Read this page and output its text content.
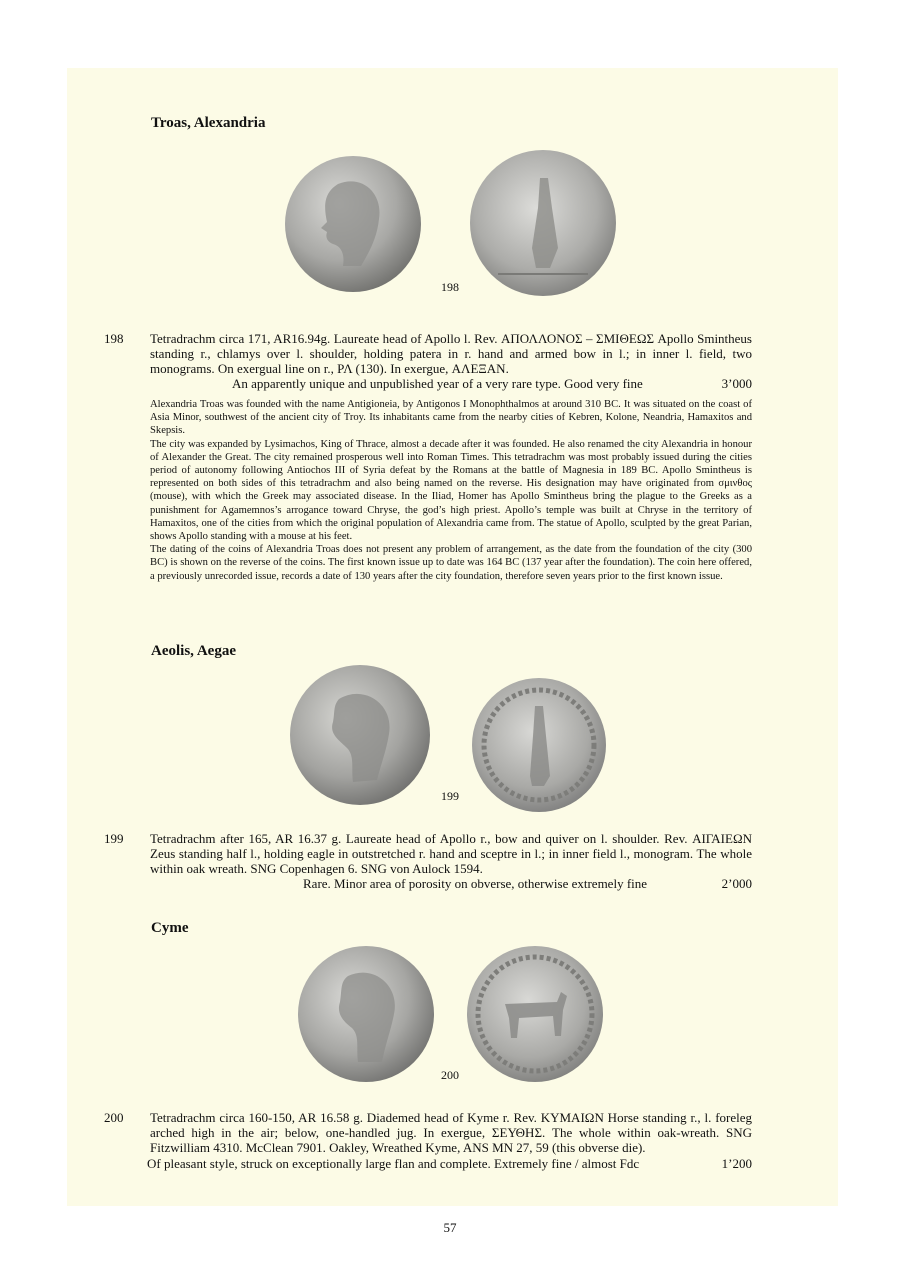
Troas, Alexandria
198
198 Tetradrachm circa 171, AR16.94g. Laureate head of Apollo l. Rev. ΑΠΟΛΛΟΝΟΣ – ΣΜΙΘΕΩΣ Apollo Smintheus standing r., chlamys over l. shoulder, holding patera in r. hand and armed bow in l.; in inner l. field, two monograms. On exergual line on r., ΡΛ (130). In exergue, ΑΛΕΞΑΝ.
An apparently unique and unpublished year of a very rare type. Good very fine	3’000

Alexandria Troas was founded with the name Antigioneia, by Antigonos I Monophthalmos at around 310 BC. It was situated on the coast of Asia Minor, southwest of the ancient city of Troy. Its inhabitants came from the nearby cities of Kebren, Kolone, Neandria, Hamaxitos and Skepsis.

The city was expanded by Lysimachos, King of Thrace, almost a decade after it was founded. He also renamed the city Alexandria in honour of Alexander the Great. The city remained prosperous well into Roman Times. This tetradrachm was most probably issued during the cities period of autonomy following Antiochos III of Syria defeat by the Romans at the battle of Magnesia in 189 BC. Apollo Smintheus is represented on both sides of this tetradrachm and also being named on the reverse. His designation may have originated from σμινθος (mouse), with which the Greek may associated disease. In the Iliad, Homer has Apollo Smintheus bring the plague to the Greeks as a punishment for Agamemnos’s arrogance toward Chryse, the god’s high priest. Apollo’s temple was built at Chryse in the territory of Hamaxitos, one of the cities from which the original population of Alexandria came from. The statue of Apollo, sculpted by the great Parian, shows Apollo standing with a mouse at his feet.

The dating of the coins of Alexandria Troas does not present any problem of arrangement, as the date from the foundation of the city (300 BC) is shown on the reverse of the coins. The first known issue up to date was 164 BC (137 year after the foundation). The coin here offered, a previously unrecorded issue, records a date of 130 years after the city foundation, therefore seven years prior to the first known issue.

Aeolis, Aegae
199
199 Tetradrachm after 165, AR 16.37 g. Laureate head of Apollo r., bow and quiver on l. shoulder. Rev. ΑΙΓΑΙΕΩΝ Zeus standing half l., holding eagle in outstretched r. hand and sceptre in l.; in inner field l., monogram. The whole within oak wreath. SNG Copenhagen 6. SNG von Aulock 1594.
Rare. Minor area of porosity on obverse, otherwise extremely fine	2’000
Cyme
200
200 Tetradrachm circa 160-150, AR 16.58 g. Diademed head of Kyme r. Rev. ΚΥΜΑΙΩΝ Horse standing r., l. foreleg arched high in the air; below, one-handled jug. In exergue, ΣΕΥΘΗΣ. The whole within oak-wreath. SNG Fitzwilliam 4310. McClean 7901. Oakley, Wreathed Kyme, ANS MN 27, 59 (this obverse die).
Of pleasant style, struck on exceptionally large flan and complete. Extremely fine / almost Fdc	1’200
57
